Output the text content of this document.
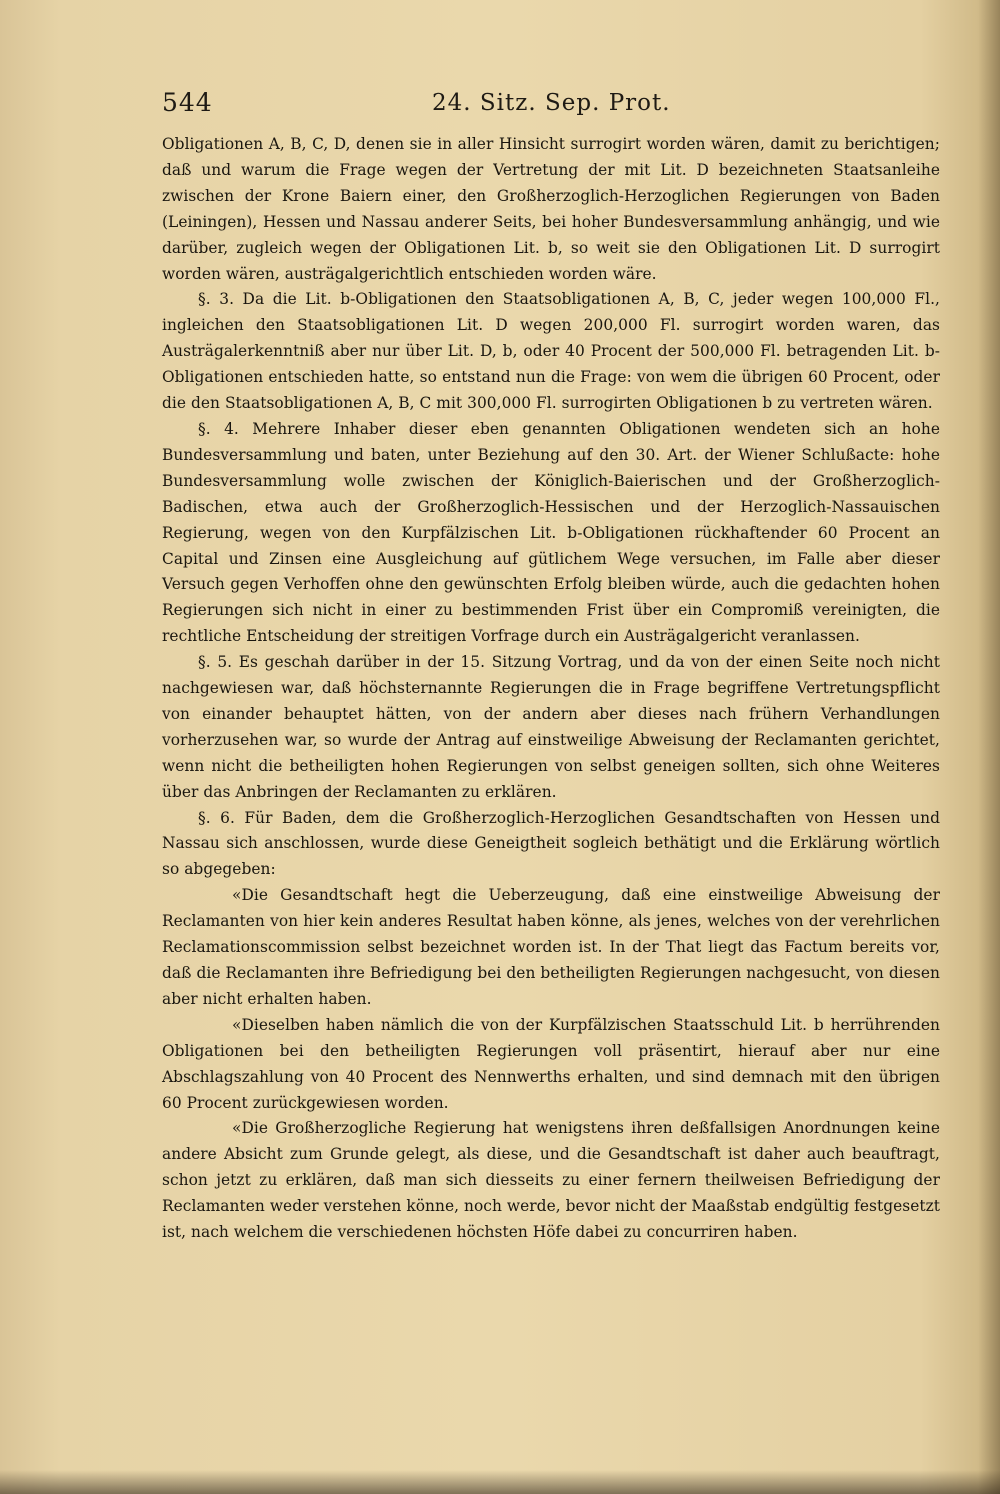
544	24. Sitz. Sep. Prot.

Obligationen A, B, C, D, denen sie in aller Hinsicht surrogirt worden wären, damit zu berichtigen; daß und warum die Frage wegen der Vertretung der mit Lit. D bezeichneten Staatsanleihe zwischen der Krone Baiern einer, den Großherzoglich-Herzoglichen Regierungen von Baden (Leiningen), Hessen und Nassau anderer Seits, bei hoher Bundesversammlung anhängig, und wie darüber, zugleich wegen der Obligationen Lit. b, so weit sie den Obligationen Lit. D surrogirt worden wären, austrägalgerichtlich entschieden worden wäre.

§. 3. Da die Lit. b-Obligationen den Staatsobligationen A, B, C, jeder wegen 100,000 Fl., ingleichen den Staatsobligationen Lit. D wegen 200,000 Fl. surrogirt worden waren, das Austrägalerkenntniß aber nur über Lit. D, b, oder 40 Procent der 500,000 Fl. betragenden Lit. b-Obligationen entschieden hatte, so entstand nun die Frage: von wem die übrigen 60 Procent, oder die den Staatsobligationen A, B, C mit 300,000 Fl. surrogirten Obligationen b zu vertreten wären.

§. 4. Mehrere Inhaber dieser eben genannten Obligationen wendeten sich an hohe Bundesversammlung und baten, unter Beziehung auf den 30. Art. der Wiener Schlußacte: hohe Bundesversammlung wolle zwischen der Königlich-Baierischen und der Großherzoglich-Badischen, etwa auch der Großherzoglich-Hessischen und der Herzoglich-Nassauischen Regierung, wegen von den Kurpfälzischen Lit. b-Obligationen rückhaftender 60 Procent an Capital und Zinsen eine Ausgleichung auf gütlichem Wege versuchen, im Falle aber dieser Versuch gegen Verhoffen ohne den gewünschten Erfolg bleiben würde, auch die gedachten hohen Regierungen sich nicht in einer zu bestimmenden Frist über ein Compromiß vereinigten, die rechtliche Entscheidung der streitigen Vorfrage durch ein Austrägalgericht veranlassen.

§. 5. Es geschah darüber in der 15. Sitzung Vortrag, und da von der einen Seite noch nicht nachgewiesen war, daß höchsternannte Regierungen die in Frage begriffene Vertretungspflicht von einander behauptet hätten, von der andern aber dieses nach frühern Verhandlungen vorherzusehen war, so wurde der Antrag auf einstweilige Abweisung der Reclamanten gerichtet, wenn nicht die betheiligten hohen Regierungen von selbst geneigen sollten, sich ohne Weiteres über das Anbringen der Reclamanten zu erklären.

§. 6. Für Baden, dem die Großherzoglich-Herzoglichen Gesandtschaften von Hessen und Nassau sich anschlossen, wurde diese Geneigtheit sogleich bethätigt und die Erklärung wörtlich so abgegeben:

«Die Gesandtschaft hegt die Ueberzeugung, daß eine einstweilige Abweisung der Reclamanten von hier kein anderes Resultat haben könne, als jenes, welches von der verehrlichen Reclamationscommission selbst bezeichnet worden ist. In der That liegt das Factum bereits vor, daß die Reclamanten ihre Befriedigung bei den betheiligten Regierungen nachgesucht, von diesen aber nicht erhalten haben.

«Dieselben haben nämlich die von der Kurpfälzischen Staatsschuld Lit. b herrührenden Obligationen bei den betheiligten Regierungen voll präsentirt, hierauf aber nur eine Abschlagszahlung von 40 Procent des Nennwerths erhalten, und sind demnach mit den übrigen 60 Procent zurückgewiesen worden.

«Die Großherzogliche Regierung hat wenigstens ihren deßfallsigen Anordnungen keine andere Absicht zum Grunde gelegt, als diese, und die Gesandtschaft ist daher auch beauftragt, schon jetzt zu erklären, daß man sich diesseits zu einer fernern theilweisen Befriedigung der Reclamanten weder verstehen könne, noch werde, bevor nicht der Maaßstab endgültig festgesetzt ist, nach welchem die verschiedenen höchsten Höfe dabei zu concurriren haben.
